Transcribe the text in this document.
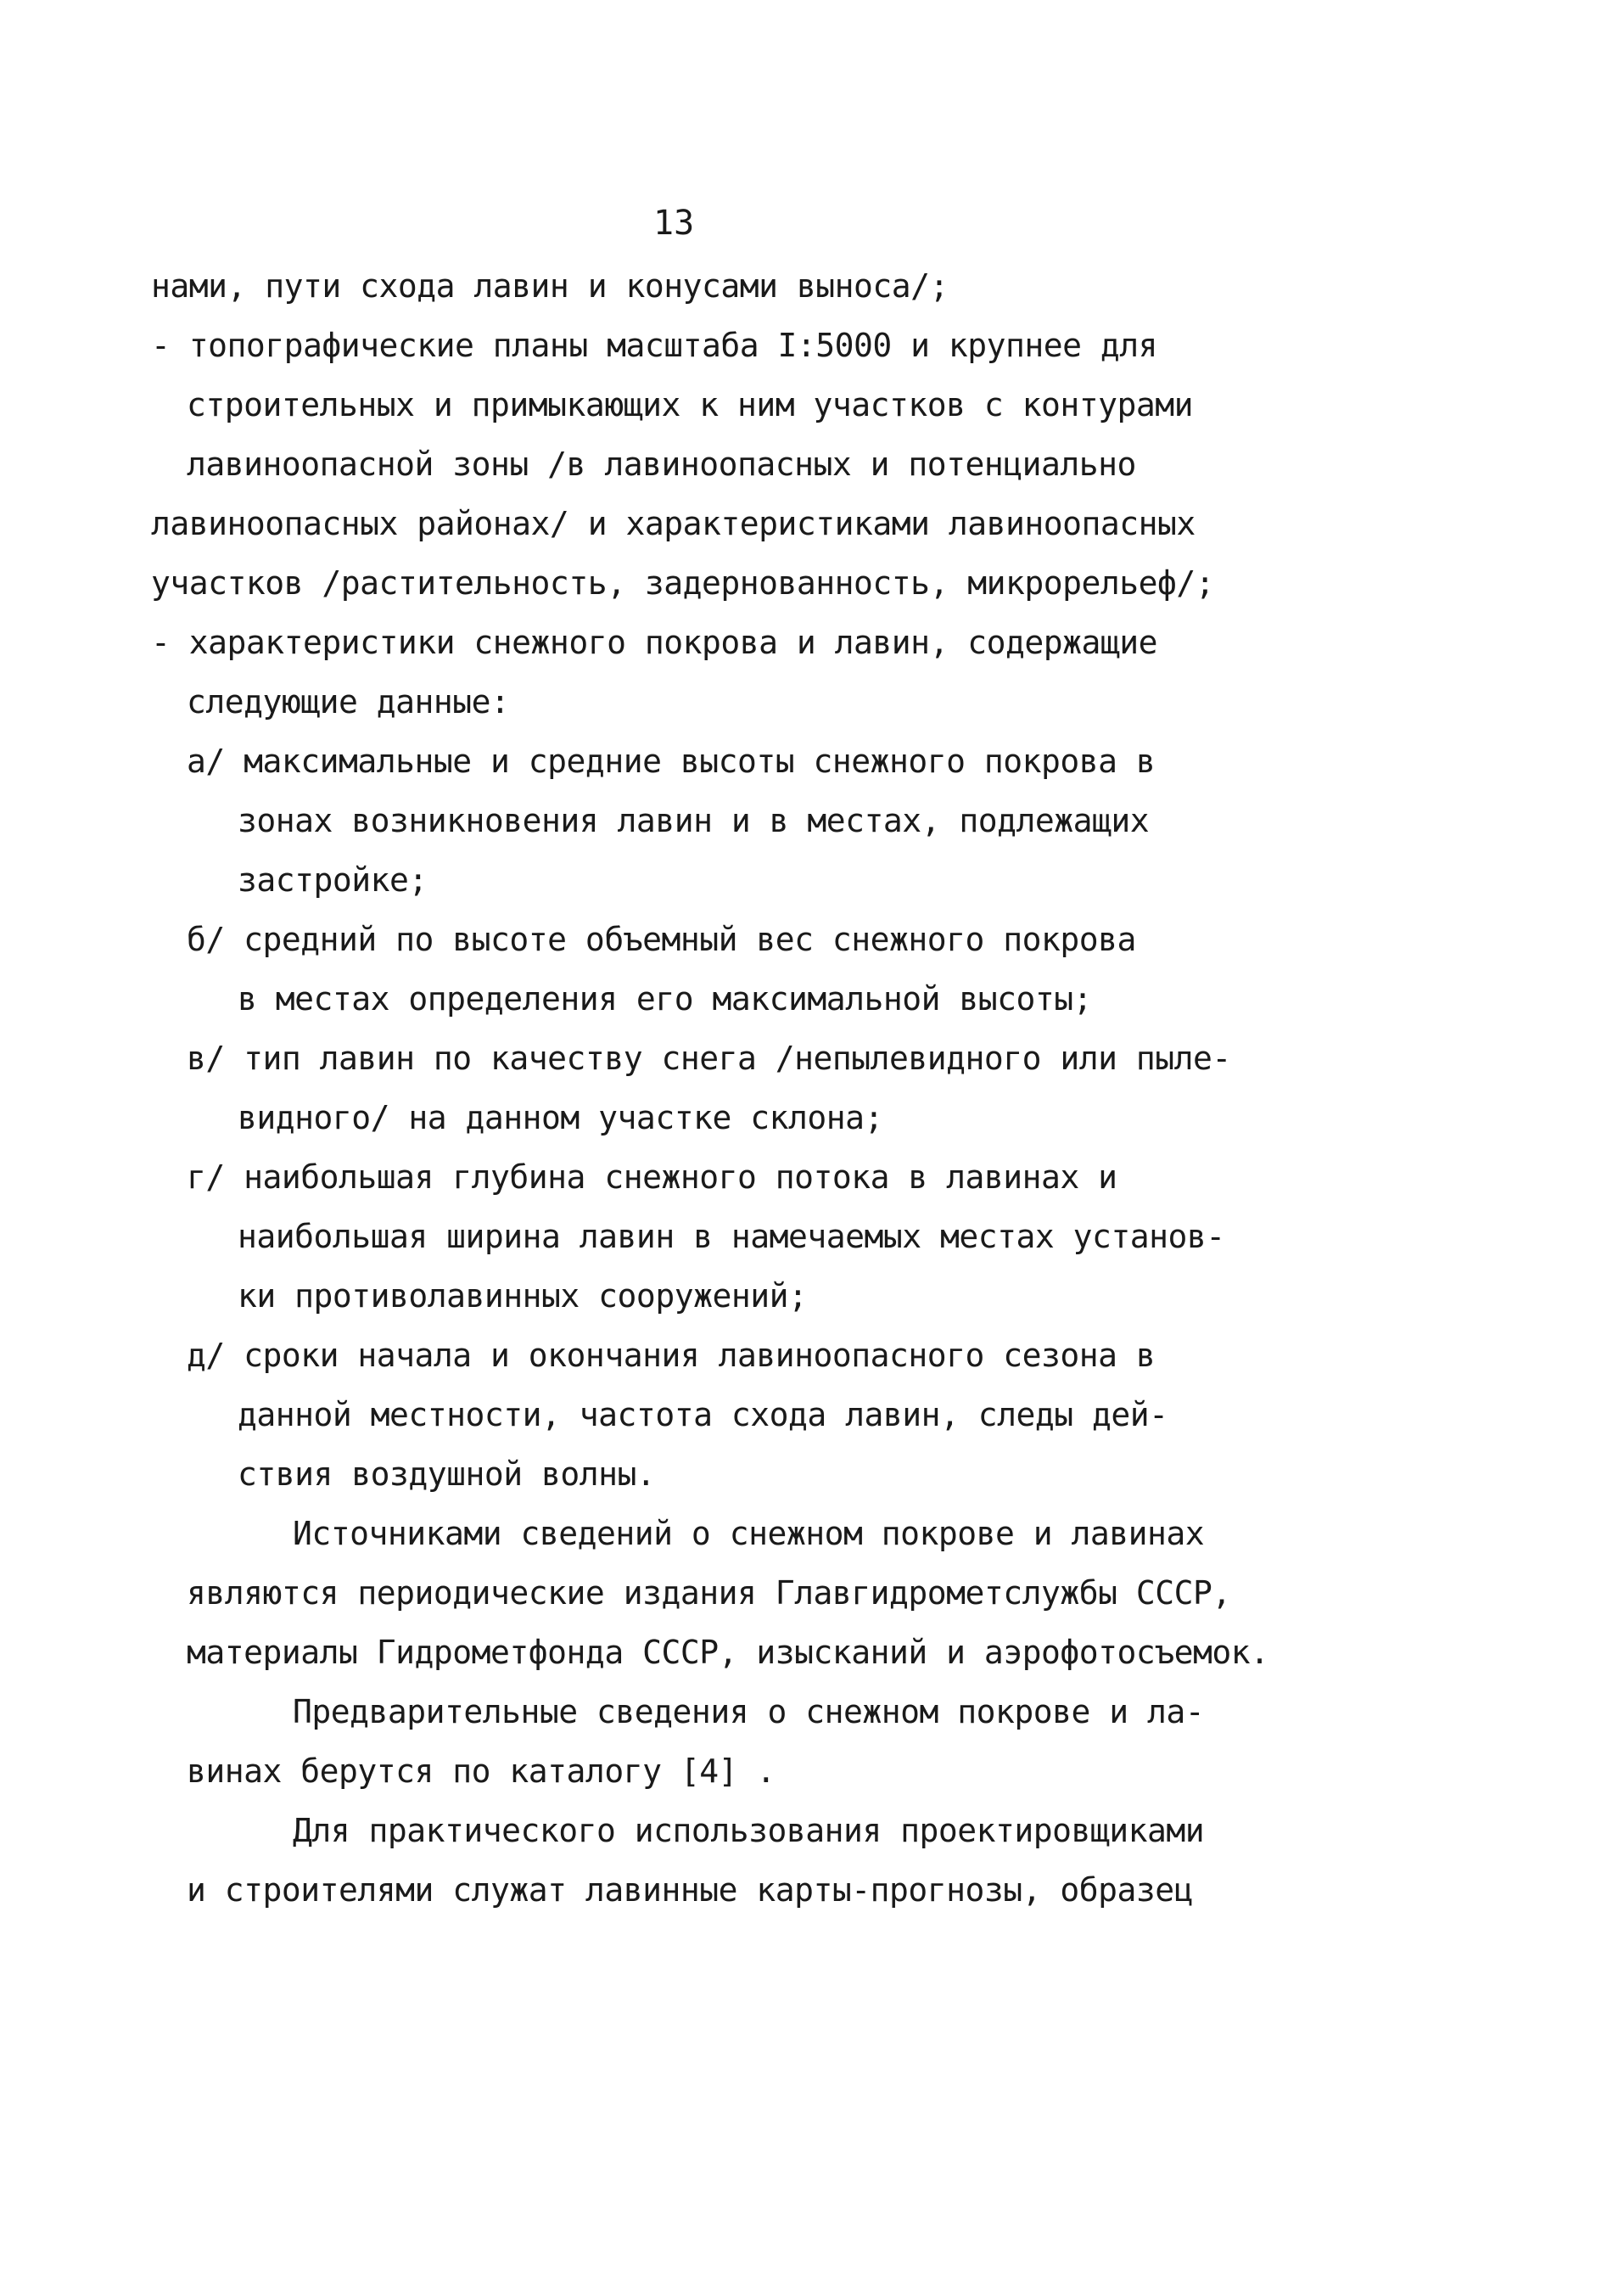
13
нами, пути схода лавин и конусами выноса/;
- топографические планы масштаба I:5000 и крупнее для
строительных и примыкающих к ним участков с контурами
лавиноопасной зоны /в лавиноопасных и потенциально
лавиноопасных районах/ и характеристиками лавиноопасных
участков /растительность, задернованность, микрорельеф/;
- характеристики снежного покрова и лавин, содержащие
следующие данные:
а/ максимальные и средние высоты снежного покрова в
зонах возникновения лавин и в местах, подлежащих
застройке;
б/ средний по высоте объемный вес снежного покрова
в местах определения его максимальной высоты;
в/ тип лавин по качеству снега /непылевидного или пыле-
видного/ на данном участке склона;
г/ наибольшая глубина снежного потока в лавинах и
наибольшая ширина лавин в намечаемых местах установ-
ки противолавинных сооружений;
д/ сроки начала и окончания лавиноопасного сезона в
данной местности, частота схода лавин, следы дей-
ствия воздушной волны.
Источниками сведений о снежном покрове и лавинах
являются периодические издания Главгидрометслужбы СССР,
материалы Гидрометфонда СССР, изысканий и аэрофотосъемок.
Предварительные сведения о снежном покрове и ла-
винах берутся по каталогу [4] .
Для практического использования проектировщиками
и строителями служат лавинные карты-прогнозы, образец
